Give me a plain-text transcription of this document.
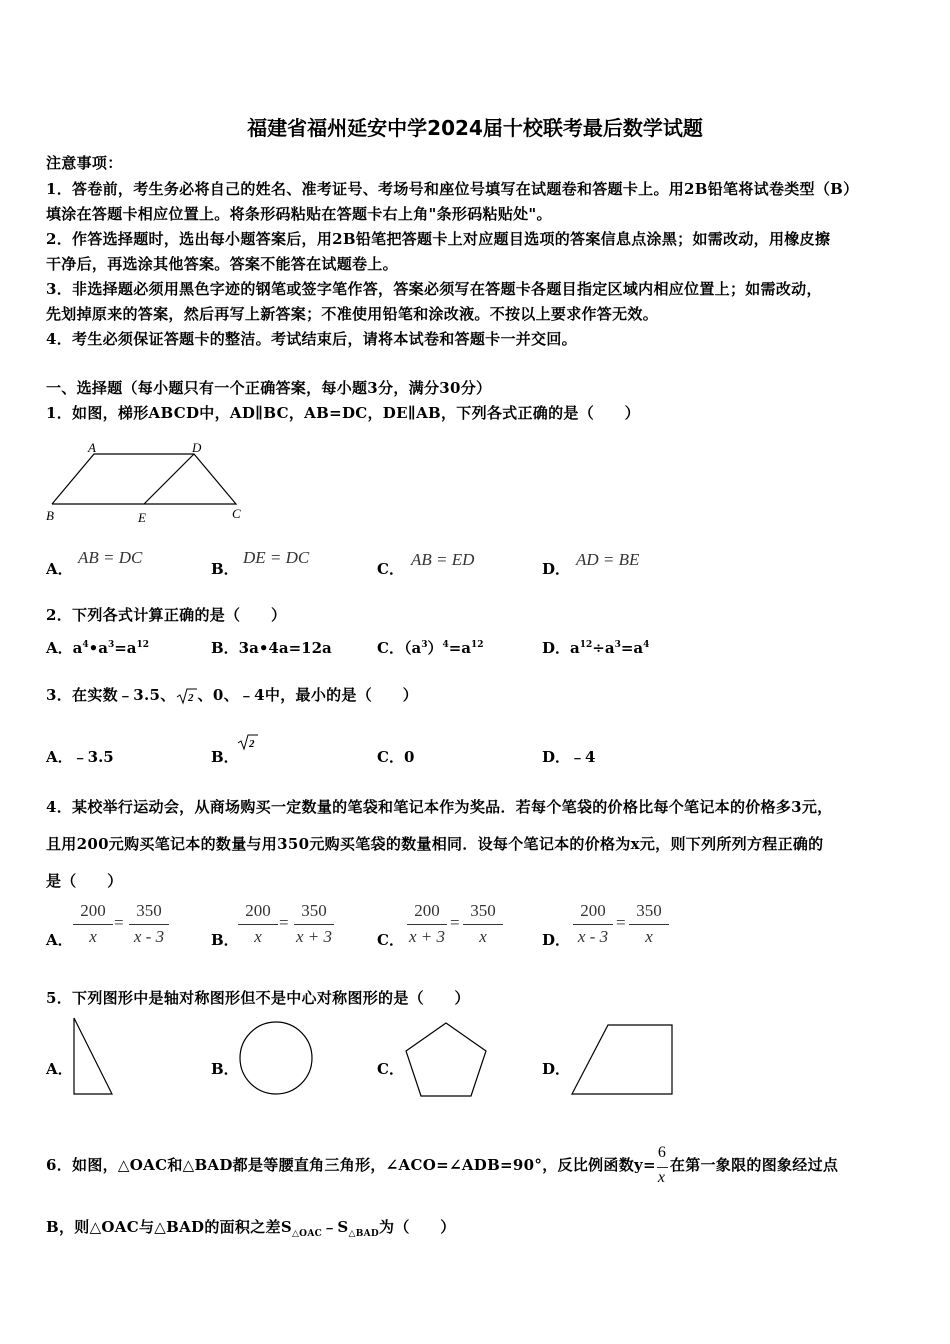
福建省福州延安中学2024届十校联考最后数学试题
注意事项：
1．答卷前，考生务必将自己的姓名、准考证号、考场号和座位号填写在试题卷和答题卡上。用2B铅笔将试卷类型（B）
填涂在答题卡相应位置上。将条形码粘贴在答题卡右上角"条形码粘贴处"。
2．作答选择题时，选出每小题答案后，用2B铅笔把答题卡上对应题目选项的答案信息点涂黑；如需改动，用橡皮擦
干净后，再选涂其他答案。答案不能答在试题卷上。
3．非选择题必须用黑色字迹的钢笔或签字笔作答，答案必须写在答题卡各题目指定区域内相应位置上；如需改动，
先划掉原来的答案，然后再写上新答案；不准使用铅笔和涂改液。不按以上要求作答无效。
4．考生必须保证答题卡的整洁。考试结束后，请将本试卷和答题卡一并交回。
一、选择题（每小题只有一个正确答案，每小题3分，满分30分）
1．如图，梯形ABCD中，AD∥BC，AB=DC，DE∥AB，下列各式正确的是（　　）
A	D
B	E	C
A．
AB = DC
B．
DE = DC
C． AB = ED	D． AD = BE
2．下列各式计算正确的是（　　）
A．$a^4•a^3=a^{12}$	B．3a•4a=12a	C．$(a^3)^4=a^{12}$	D．$a^{12}\div a^3=a^4$
3．在实数﹣3.5、 2 、0、﹣4中，最小的是（　　）
A．﹣3.5	B．
2
C．0	D．﹣4
4．某校举行运动会，从商场购买一定数量的笔袋和笔记本作为奖品．若每个笔袋的价格比每个笔记本的价格多3元，
且用200元购买笔记本的数量与用350元购买笔袋的数量相同．设每个笔记本的价格为x元，则下列所列方程正确的
是（　　）
A．
200
x
=
350
x - 3	B．
200
x
=
350
x + 3	C．
200
x + 3
=
350
x	D．
200
x - 3
=
350
x
5．下列图形中是轴对称图形但不是中心对称图形的是（　　）
A．	B．	C．	D．
6．如图，△OAC和△BAD都是等腰直角三角形，∠ACO=∠ADB=90°，反比例函数y=
$\frac{6}{x}$
在第一象限的图象经过点
B，则△OAC与△BAD的面积之差$S_{\triangle OAC}﹣S_{\triangle BAD}$为（　　）
